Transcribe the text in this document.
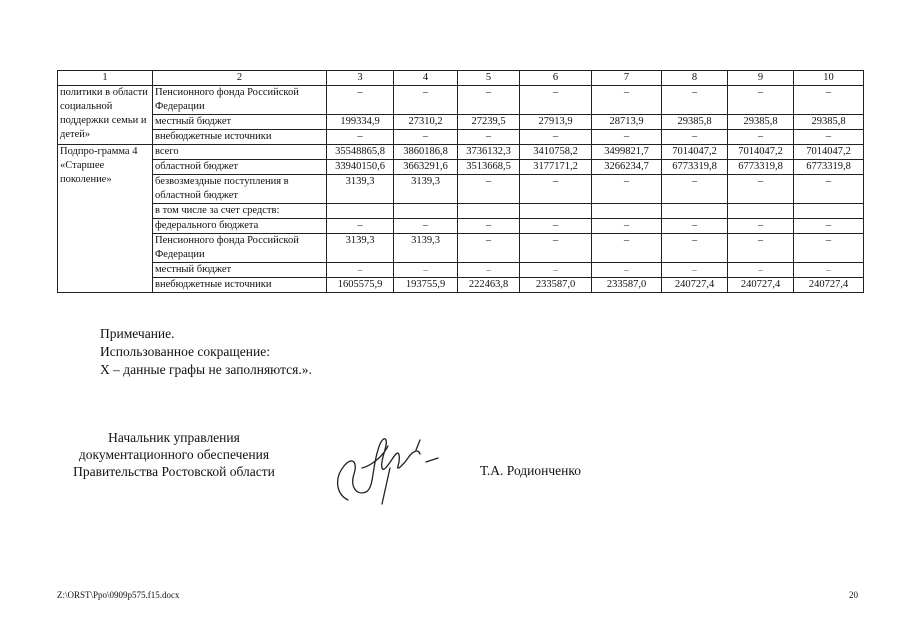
1	2	3	4	5	6	7	8	9	10
политики в области социальной поддержки семьи и детей»	Пенсионного фонда Российской Федерации	–	–	–	–	–	–	–	–
	местный бюджет	199334,9	27310,2	27239,5	27913,9	28713,9	29385,8	29385,8	29385,8
	внебюджетные источники	–	–	–	–	–	–	–	–
Подпро-грамма 4 «Старшее поколение»	всего	35548865,8	3860186,8	3736132,3	3410758,2	3499821,7	7014047,2	7014047,2	7014047,2
	областной бюджет	33940150,6	3663291,6	3513668,5	3177171,2	3266234,7	6773319,8	6773319,8	6773319,8
	безвозмездные поступления в областной бюджет	3139,3	3139,3	–	–	–	–	–	–
	в том числе за счет средств:								
	федерального бюджета	–	–	–	–	–	–	–	–
	Пенсионного фонда Российской Федерации	3139,3	3139,3	–	–	–	–	–	–
	местный бюджет	–	–	–	–	–	–	–	–
	внебюджетные источники	1605575,9	193755,9	222463,8	233587,0	233587,0	240727,4	240727,4	240727,4
Примечание.
Использованное сокращение:
Х – данные графы не заполняются.».
Начальник управления
документационного обеспечения
Правительства Ростовской области	Т.А. Родионченко
Z:\ORST\Ppo\0909p575.f15.docx	20
